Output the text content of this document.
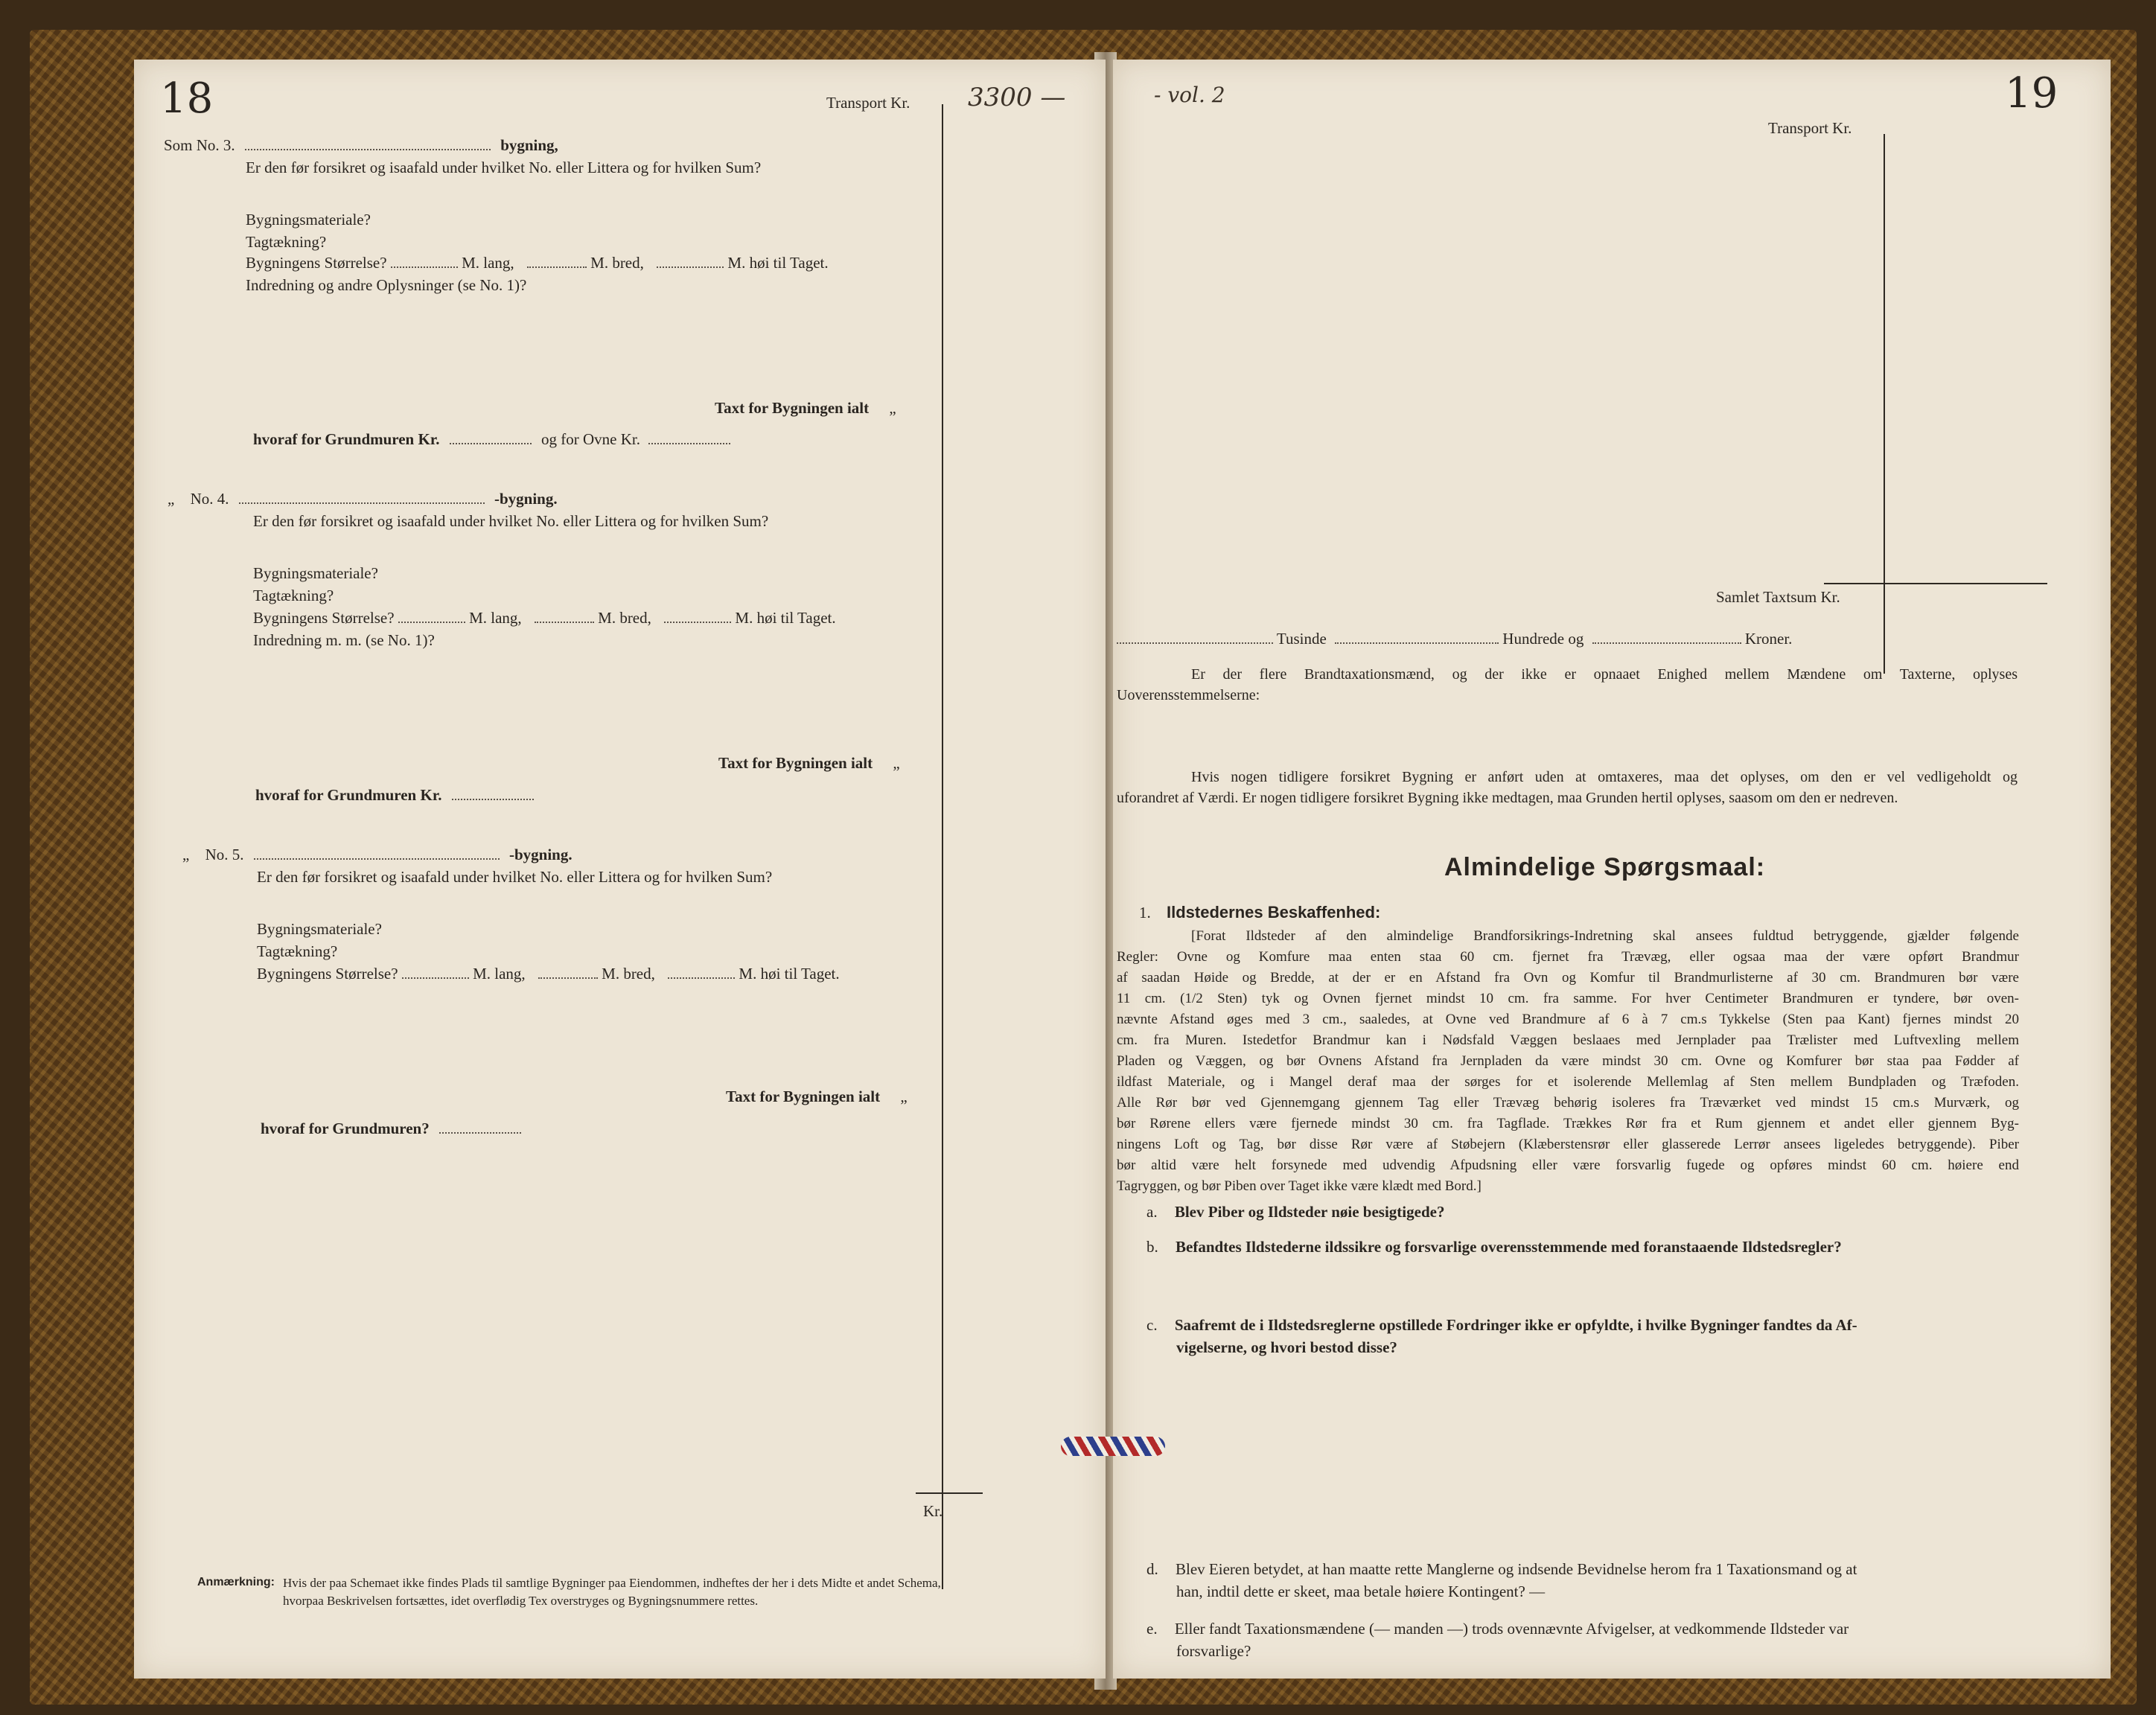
18	Transport Kr. 3300 —
Som No. 3.	bygning,
Er den før forsikret og isaafald under hvilket No. eller Littera og for hvilken Sum?
Bygningsmateriale?
Tagtækning?
Bygningens Størrelse?	M. lang,	M. bred,	M. høi til Taget.
Indredning og andre Oplysninger (se No. 1)?
Taxt for Bygningen ialt „
hvoraf for Grundmuren Kr.	og for Ovne Kr.
„ No. 4.	-bygning.
Er den før forsikret og isaafald under hvilket No. eller Littera og for hvilken Sum?
Bygningsmateriale?
Tagtækning?
Bygningens Størrelse?	M. lang,	M. bred,	M. høi til Taget.
Indredning m. m. (se No. 1)?
Taxt for Bygningen ialt „
hvoraf for Grundmuren Kr.
„ No. 5.	-bygning.
Er den før forsikret og isaafald under hvilket No. eller Littera og for hvilken Sum?
Bygningsmateriale?
Tagtækning?
Bygningens Størrelse?	M. lang,	M. bred,	M. høi til Taget.
Taxt for Bygningen ialt „
hvoraf for Grundmuren?
Kr.
Anmærkning: Hvis der paa Schemaet ikke findes Plads til samtlige Bygninger paa Eiendommen, indheftes der her i dets Midte et andet Schema,
hvorpaa Beskrivelsen fortsættes, idet overflødig Tex overstryges og Bygningsnummere rettes.
19
- vol. 2
Transport Kr.
Samlet Taxtsum Kr.
Tusinde	Hundrede og	Kroner.
Er der flere Brandtaxationsmænd, og der ikke er opnaaet Enighed mellem Mændene om Taxterne, oplyses
Uoverensstemmelserne:
Hvis nogen tidligere forsikret Bygning er anført uden at omtaxeres, maa det oplyses, om den er vel vedligeholdt og
uforandret af Værdi. Er nogen tidligere forsikret Bygning ikke medtagen, maa Grunden hertil oplyses, saasom om den er nedreven.
Almindelige Spørgsmaal:
1. Ildstedernes Beskaffenhed:
[Forat Ildsteder af den almindelige Brandforsikrings-Indretning skal ansees fuldtud betryggende, gjælder følgende
Regler: Ovne og Komfure maa enten staa 60 cm. fjernet fra Trævæg, eller ogsaa maa der være opført Brandmur
af saadan Høide og Bredde, at der er en Afstand fra Ovn og Komfur til Brandmurlisterne af 30 cm. Brandmuren bør være
11 cm. (1/2 Sten) tyk og Ovnen fjernet mindst 10 cm. fra samme. For hver Centimeter Brandmuren er tyndere, bør oven-
nævnte Afstand øges med 3 cm., saaledes, at Ovne ved Brandmure af 6 à 7 cm.s Tykkelse (Sten paa Kant) fjernes mindst 20
cm. fra Muren. Istedetfor Brandmur kan i Nødsfald Væggen beslaaes med Jernplader paa Trælister med Luftvexling mellem
Pladen og Væggen, og bør Ovnens Afstand fra Jernpladen da være mindst 30 cm. Ovne og Komfurer bør staa paa Fødder af
ildfast Materiale, og i Mangel deraf maa der sørges for et isolerende Mellemlag af Sten mellem Bundpladen og Træfoden.
Alle Rør bør ved Gjennemgang gjennem Tag eller Trævæg behørig isoleres fra Træværket ved mindst 15 cm.s Murværk, og
bør Rørene ellers være fjernede mindst 30 cm. fra Tagflade. Trækkes Rør fra et Rum gjennem et andet eller gjennem Byg-
ningens Loft og Tag, bør disse Rør være af Støbejern (Klæberstensrør eller glasserede Lerrør ansees ligeledes betryggende). Piber
bør altid være helt forsynede med udvendig Afpudsning eller være forsvarlig fugede og opføres mindst 60 cm. høiere end
Tagryggen, og bør Piben over Taget ikke være klædt med Bord.]
a. Blev Piber og Ildsteder nøie besigtigede?
b. Befandtes Ildstederne ildssikre og forsvarlige overensstemmende med foranstaaende Ildstedsregler?
c. Saafremt de i Ildstedsreglerne opstillede Fordringer ikke er opfyldte, i hvilke Bygninger fandtes da Af-
vigelserne, og hvori bestod disse?
d. Blev Eieren betydet, at han maatte rette Manglerne og indsende Bevidnelse herom fra 1 Taxationsmand og at
han, indtil dette er skeet, maa betale høiere Kontingent? —
e. Eller fandt Taxationsmændene (— manden —) trods ovennævnte Afvigelser, at vedkommende Ildsteder var
forsvarlige?
